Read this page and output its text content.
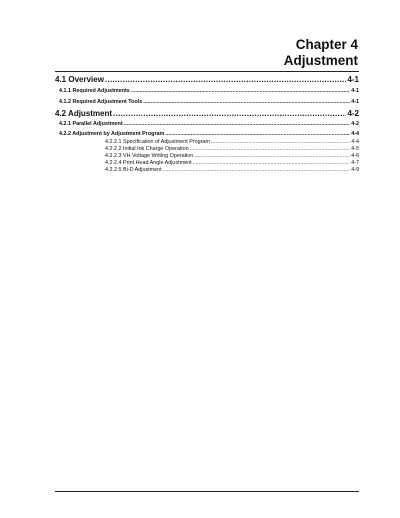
Chapter 4
Adjustment
4.1 Overview .....	4-1
4.1.1 Required Adjustments .....	4-1
4.1.2 Required Adjustment Tools .....	4-1
4.2 Adjustment .....	4-2
4.2.1 Parallel Adjustment .....	4-2
4.2.2 Adjustment by Adjustment Program .....	4-4
4.2.2.1 Specification of Adjustment Program .....	4-4
4.2.2.2 Initial Ink Charge Operation .....	4-5
4.2.2.3 VH Voltage Writing Operation .....	4-6
4.2.2.4 Print Head Angle Adjustment .....	4-7
4.2.2.5 Bi-D Adjustment .....	4-9
